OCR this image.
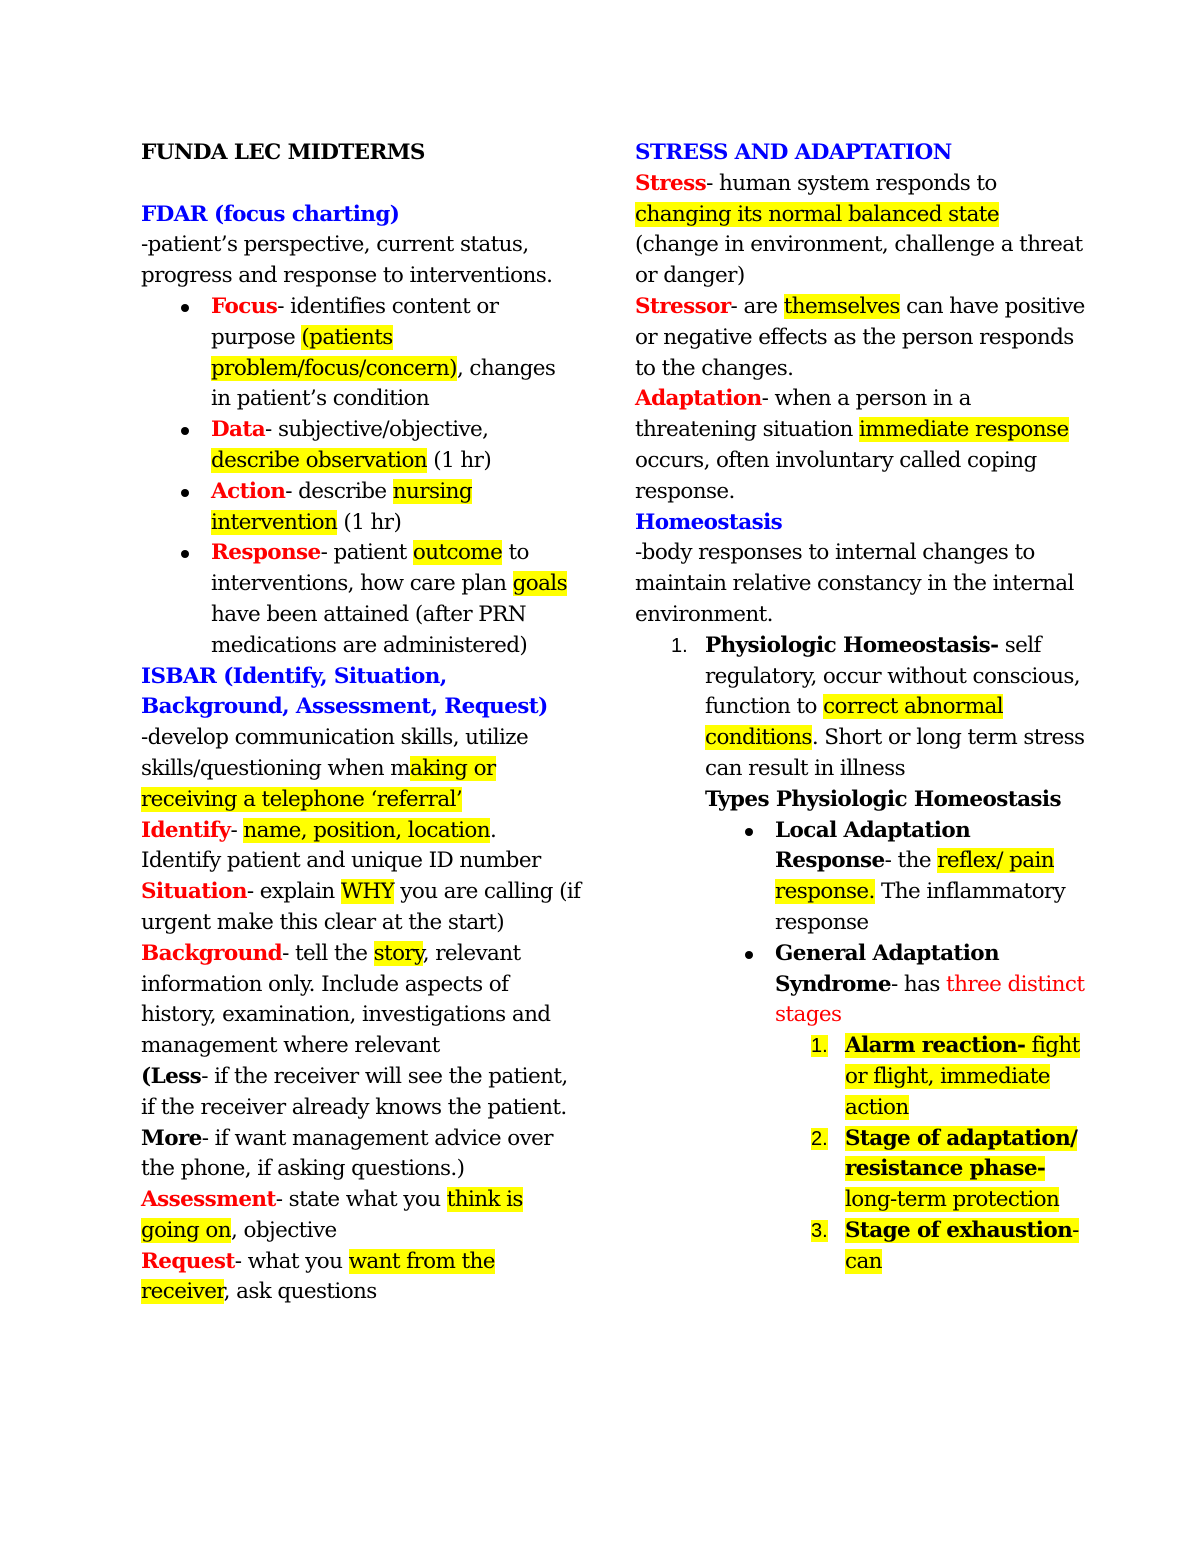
FUNDA LEC MIDTERMS

FDAR (focus charting)

-patient’s perspective, current status,
progress and response to interventions.

Focus- identifies content or purpose (patients problem/focus/concern), changes in patient’s condition
Data- subjective/objective, describe observation (1 hr)
Action- describe nursing intervention (1 hr)
Response- patient outcome to interventions, how care plan goals have been attained (after PRN medications are administered)

ISBAR (Identify, Situation, Background, Assessment, Request)

-develop communication skills, utilize skills/questioning when making or receiving a telephone ‘referral’

Identify- name, position, location. Identify patient and unique ID number

Situation- explain WHY you are calling (if urgent make this clear at the start)

Background- tell the story, relevant information only. Include aspects of history, examination, investigations and management where relevant

(Less- if the receiver will see the patient, if the receiver already knows the patient.

More- if want management advice over the phone, if asking questions.)

Assessment- state what you think is going on, objective

Request- what you want from the receiver, ask questions

STRESS AND ADAPTATION

Stress- human system responds to changing its normal balanced state (change in environment, challenge a threat or danger)

Stressor- are themselves can have positive or negative effects as the person responds to the changes.

Adaptation- when a person in a threatening situation immediate response occurs, often involuntary called coping response.

Homeostasis

-body responses to internal changes to maintain relative constancy in the internal environment.

1. Physiologic Homeostasis- self regulatory, occur without conscious, function to correct abnormal conditions. Short or long term stress can result in illness

Types Physiologic Homeostasis

Local Adaptation Response- the reflex/ pain response. The inflammatory response
General Adaptation Syndrome- has three distinct stages
1. Alarm reaction- fight or flight, immediate action
2. Stage of adaptation/ resistance phase- long-term protection
3. Stage of exhaustion- can
